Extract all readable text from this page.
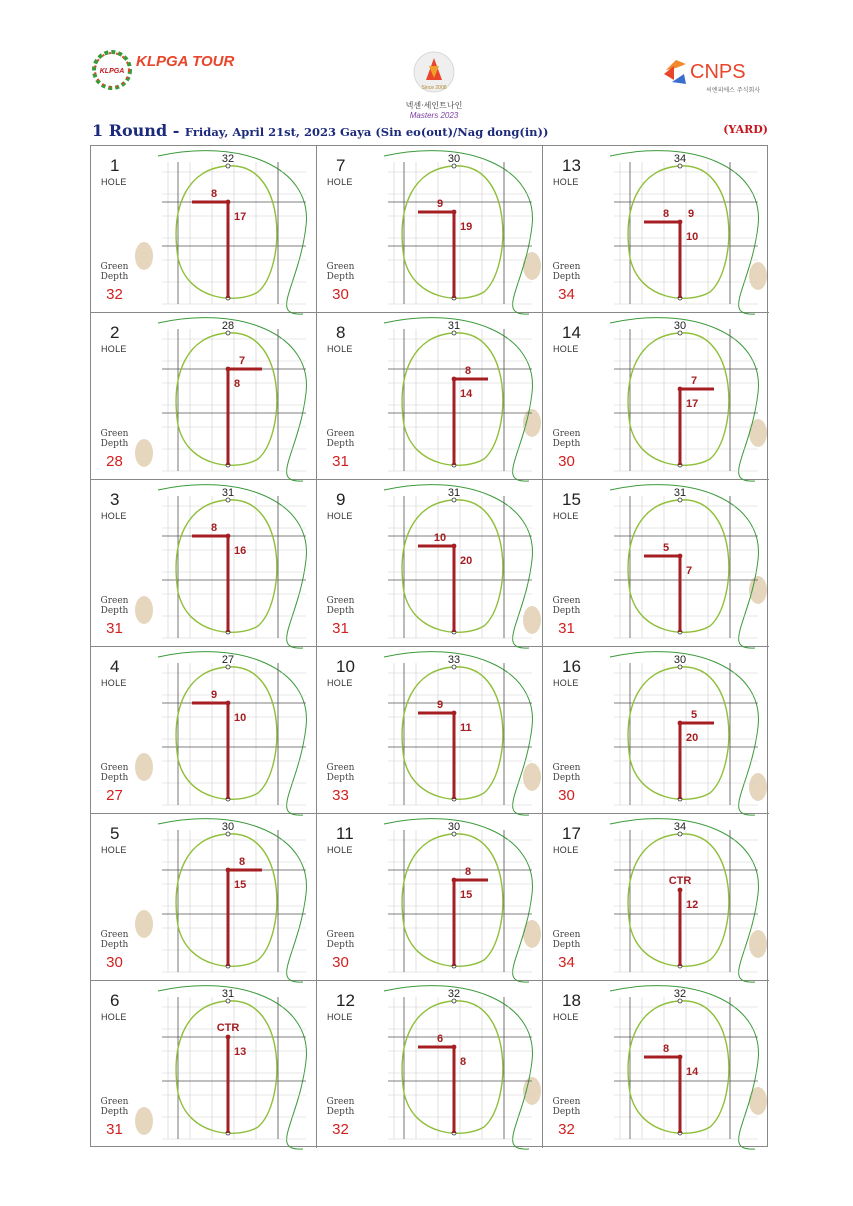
KLPGA
KLPGA TOUR
Since 2008
넥센·세인트나인
Masters 2023
CNPS
씨엔피에스 주식회사
1 Round - Friday, April 21st, 2023 Gaya (Sin eo(out)/Nag dong(in))	(YARD)
1
HOLE
Green
Depth
32
32
8
17
7
HOLE
Green
Depth
30
30
9
19
13
HOLE
Green
Depth
34
34
8 9
10
2
HOLE
Green
Depth
28
28
7
8
8
HOLE
Green
Depth
31
31
8
14
14
HOLE
Green
Depth
30
30
7
17
3
HOLE
Green
Depth
31
31
8
16
9
HOLE
Green
Depth
31
31
10
20
15
HOLE
Green
Depth
31
31
5
7
4
HOLE
Green
Depth
27
27
9
10
10
HOLE
Green
Depth
33
33
9
11
16
HOLE
Green
Depth
30
30
5
20
5
HOLE
Green
Depth
30
30
8
15
11
HOLE
Green
Depth
30
30
8
15
17
HOLE
Green
Depth
34
34
CTR
12
6
HOLE
Green
Depth
31
31
CTR
13
12
HOLE
Green
Depth
32
32
6
8
18
HOLE
Green
Depth
32
32
8
14
